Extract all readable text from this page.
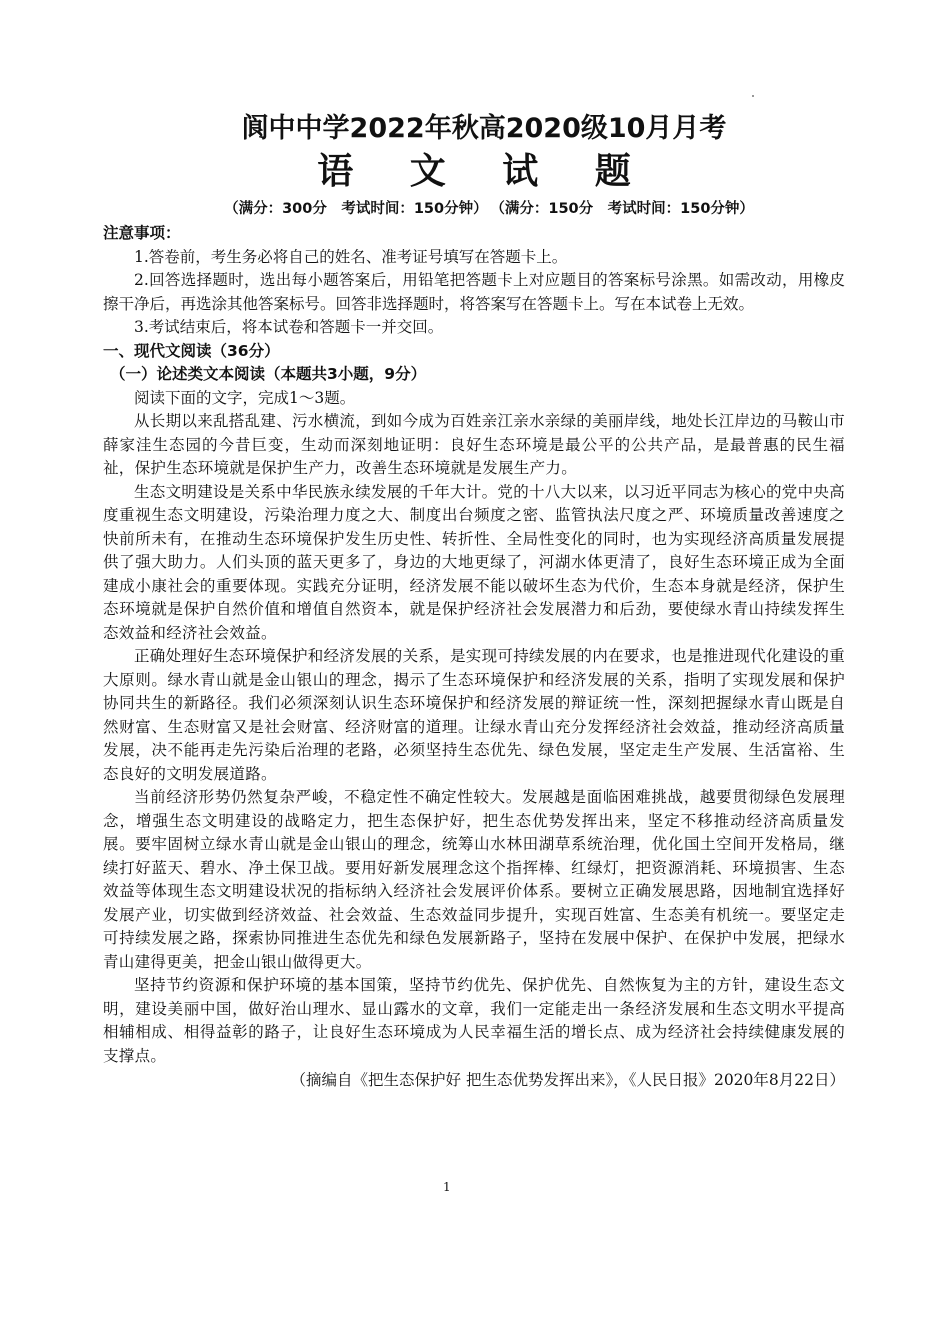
阆中中学2022年秋高2020级10月月考
语 文 试 题
（满分：300分　考试时间：150分钟） （满分：150分　考试时间：150分钟）
注意事项：

1.答卷前，考生务必将自己的姓名、准考证号填写在答题卡上。

2.回答选择题时，选出每小题答案后，用铅笔把答题卡上对应题目的答案标号涂黑。如需改动，用橡皮擦干净后，再选涂其他答案标号。回答非选择题时，将答案写在答题卡上。写在本试卷上无效。

3.考试结束后，将本试卷和答题卡一并交回。

一、现代文阅读（36分）
（一）论述类文本阅读（本题共3小题，9分）

阅读下面的文字，完成1～3题。

从长期以来乱搭乱建、污水横流，到如今成为百姓亲江亲水亲绿的美丽岸线，地处长江岸边的马鞍山市薛家洼生态园的今昔巨变，生动而深刻地证明：良好生态环境是最公平的公共产品，是最普惠的民生福祉，保护生态环境就是保护生产力，改善生态环境就是发展生产力。

生态文明建设是关系中华民族永续发展的千年大计。党的十八大以来，以习近平同志为核心的党中央高度重视生态文明建设，污染治理力度之大、制度出台频度之密、监管执法尺度之严、环境质量改善速度之快前所未有，在推动生态环境保护发生历史性、转折性、全局性变化的同时，也为实现经济高质量发展提供了强大助力。人们头顶的蓝天更多了，身边的大地更绿了，河湖水体更清了，良好生态环境正成为全面建成小康社会的重要体现。实践充分证明，经济发展不能以破坏生态为代价，生态本身就是经济，保护生态环境就是保护自然价值和增值自然资本，就是保护经济社会发展潜力和后劲，要使绿水青山持续发挥生态效益和经济社会效益。

正确处理好生态环境保护和经济发展的关系，是实现可持续发展的内在要求，也是推进现代化建设的重大原则。绿水青山就是金山银山的理念，揭示了生态环境保护和经济发展的关系，指明了实现发展和保护协同共生的新路径。我们必须深刻认识生态环境保护和经济发展的辩证统一性，深刻把握绿水青山既是自然财富、生态财富又是社会财富、经济财富的道理。让绿水青山充分发挥经济社会效益，推动经济高质量发展，决不能再走先污染后治理的老路，必须坚持生态优先、绿色发展，坚定走生产发展、生活富裕、生态良好的文明发展道路。

当前经济形势仍然复杂严峻，不稳定性不确定性较大。发展越是面临困难挑战，越要贯彻绿色发展理念，增强生态文明建设的战略定力，把生态保护好，把生态优势发挥出来，坚定不移推动经济高质量发展。要牢固树立绿水青山就是金山银山的理念，统筹山水林田湖草系统治理，优化国土空间开发格局，继续打好蓝天、碧水、净土保卫战。要用好新发展理念这个指挥棒、红绿灯，把资源消耗、环境损害、生态效益等体现生态文明建设状况的指标纳入经济社会发展评价体系。要树立正确发展思路，因地制宜选择好发展产业，切实做到经济效益、社会效益、生态效益同步提升，实现百姓富、生态美有机统一。要坚定走可持续发展之路，探索协同推进生态优先和绿色发展新路子，坚持在发展中保护、在保护中发展，把绿水青山建得更美，把金山银山做得更大。

坚持节约资源和保护环境的基本国策，坚持节约优先、保护优先、自然恢复为主的方针，建设生态文明，建设美丽中国，做好治山理水、显山露水的文章，我们一定能走出一条经济发展和生态文明水平提高相辅相成、相得益彰的路子，让良好生态环境成为人民幸福生活的增长点、成为经济社会持续健康发展的支撑点。

（摘编自《把生态保护好 把生态优势发挥出来》，《人民日报》2020年8月22日）
1
